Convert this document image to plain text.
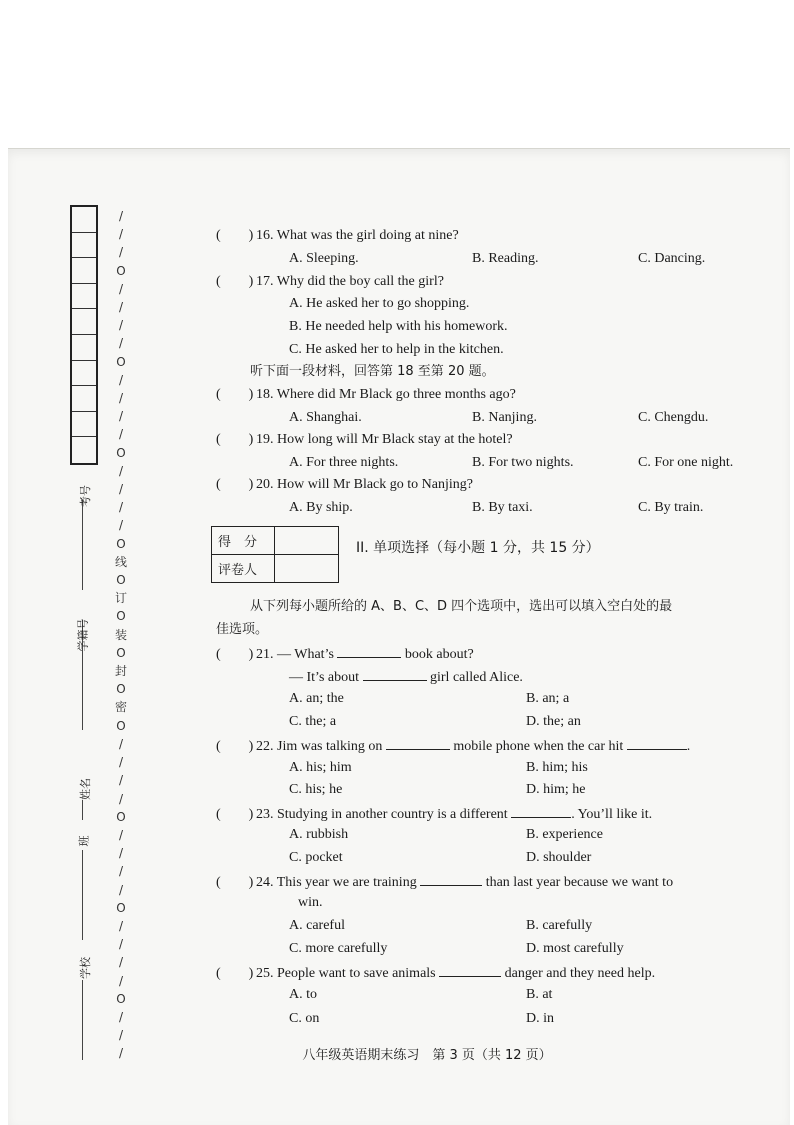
考号
学籍号
姓名
班
学校
/
/
/
O
/
/
/
/
O
/
/
/
/
O
/
/
/
/
O
线
O
订
O
装
O
封
O
密
O
/
/
/
/
O
/
/
/
/
O
/
/
/
/
O
/
/
/
(　　) 16. What was the girl doing at nine?
A. Sleeping.	B. Reading.	C. Dancing.
(　　) 17. Why did the boy call the girl?
A. He asked her to go shopping.
B. He needed help with his homework.
C. He asked her to help in the kitchen.
听下面一段材料，回答第 18 至第 20 题。
(　　) 18. Where did Mr Black go three months ago?
A. Shanghai.	B. Nanjing.	C. Chengdu.
(　　) 19. How long will Mr Black stay at the hotel?
A. For three nights.	B. For two nights.	C. For one night.
(　　) 20. How will Mr Black go to Nanjing?
A. By ship.	B. By taxi.	C. By train.
得　分	
评卷人	
II. 单项选择（每小题 1 分，共 15 分）
从下列每小题所给的 A、B、C、D 四个选项中，选出可以填入空白处的最
佳选项。
(　　) 21. — What’s	book about?
— It’s about	girl called Alice.
A. an; the	B. an; a
C. the; a	D. the; an
(　　) 22. Jim was talking on	mobile phone when the car hit	.
A. his; him	B. him; his
C. his; he	D. him; he
(　　) 23. Studying in another country is a different	. You’ll like it.
A. rubbish	B. experience
C. pocket	D. shoulder
(　　) 24. This year we are training	than last year because we want to
win.
A. careful	B. carefully
C. more carefully	D. most carefully
(　　) 25. People want to save animals	danger and they need help.
A. to	B. at
C. on	D. in
八年级英语期末练习　第 3 页（共 12 页）
